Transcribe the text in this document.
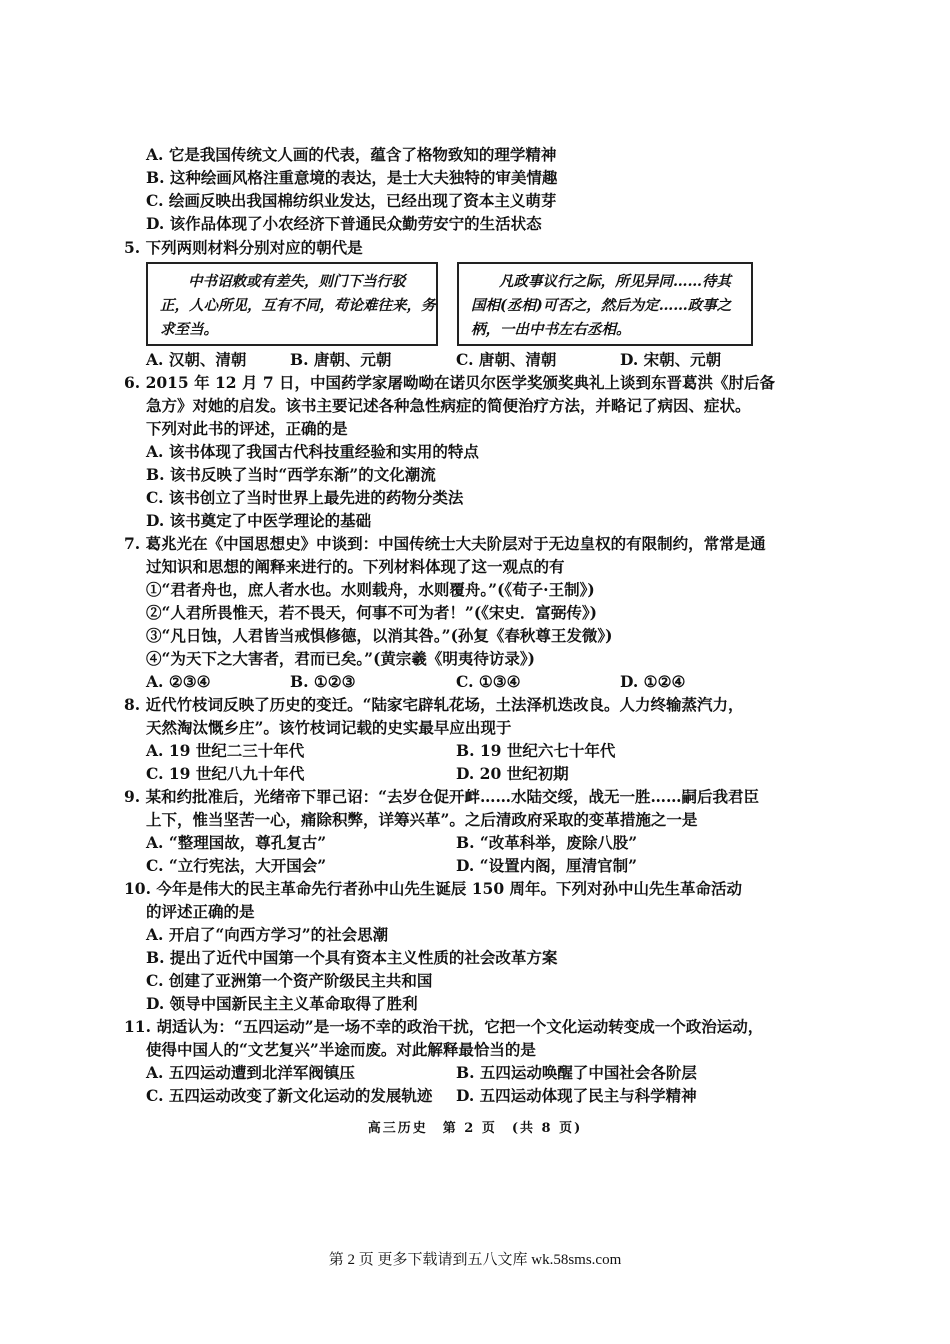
A. 它是我国传统文人画的代表，蕴含了格物致知的理学精神
B. 这种绘画风格注重意境的表达，是士大夫独特的审美情趣
C. 绘画反映出我国棉纺织业发达，已经出现了资本主义萌芽
D. 该作品体现了小农经济下普通民众勤劳安宁的生活状态
5. 下列两则材料分别对应的朝代是
中书诏敕或有差失，则门下当行驳
正，人心所见，互有不同，苟论难往来，务
求至当。
凡政事议行之际，所见异同……待其
国相(丞相)可否之，然后为定……政事之
柄，一出中书左右丞相。
A. 汉朝、清朝	B. 唐朝、元朝	C. 唐朝、清朝	D. 宋朝、元朝
6. 2015 年 12 月 7 日，中国药学家屠呦呦在诺贝尔医学奖颁奖典礼上谈到东晋葛洪《肘后备
急方》对她的启发。该书主要记述各种急性病症的简便治疗方法，并略记了病因、症状。
下列对此书的评述，正确的是
A. 该书体现了我国古代科技重经验和实用的特点
B. 该书反映了当时“西学东渐”的文化潮流
C. 该书创立了当时世界上最先进的药物分类法
D. 该书奠定了中医学理论的基础
7. 葛兆光在《中国思想史》中谈到：中国传统士大夫阶层对于无边皇权的有限制约，常常是通
过知识和思想的阐释来进行的。下列材料体现了这一观点的有
①“君者舟也，庶人者水也。水则载舟，水则覆舟。”(《荀子·王制》)
②“人君所畏惟天，若不畏天，何事不可为者！”(《宋史．富弼传》)
③“凡日蚀，人君皆当戒惧修德，以消其咎。”(孙复《春秋尊王发微》)
④“为天下之大害者，君而已矣。”(黄宗羲《明夷待访录》)
A. ②③④	B. ①②③	C. ①③④	D. ①②④
8. 近代竹枝词反映了历史的变迁。“陆家宅辟轧花场，土法泽机迭改良。人力终输蒸汽力，
天然淘汰慨乡庄”。该竹枝词记载的史实最早应出现于
A. 19 世纪二三十年代	B. 19 世纪六七十年代
C. 19 世纪八九十年代	D. 20 世纪初期
9. 某和约批准后，光绪帝下罪己诏：“去岁仓促开衅……水陆交绥，战无一胜……嗣后我君臣
上下，惟当坚苦一心，痛除积弊，详筹兴革”。之后清政府采取的变革措施之一是
A. “整理国故，尊孔复古”	B. “改革科举，废除八股”
C. “立行宪法，大开国会”	D. “设置内阁，厘清官制”
10. 今年是伟大的民主革命先行者孙中山先生诞辰 150 周年。下列对孙中山先生革命活动
的评述正确的是
A. 开启了“向西方学习”的社会思潮
B. 提出了近代中国第一个具有资本主义性质的社会改革方案
C. 创建了亚洲第一个资产阶级民主共和国
D. 领导中国新民主主义革命取得了胜利
11. 胡适认为：“五四运动”是一场不幸的政治干扰，它把一个文化运动转变成一个政治运动，
使得中国人的“文艺复兴”半途而废。对此解释最恰当的是
A. 五四运动遭到北洋军阀镇压	B. 五四运动唤醒了中国社会各阶层
C. 五四运动改变了新文化运动的发展轨迹 D. 五四运动体现了民主与科学精神
高三历史　第 2 页　(共 8 页)
第 2 页 更多下载请到五八文库 wk.58sms.com
